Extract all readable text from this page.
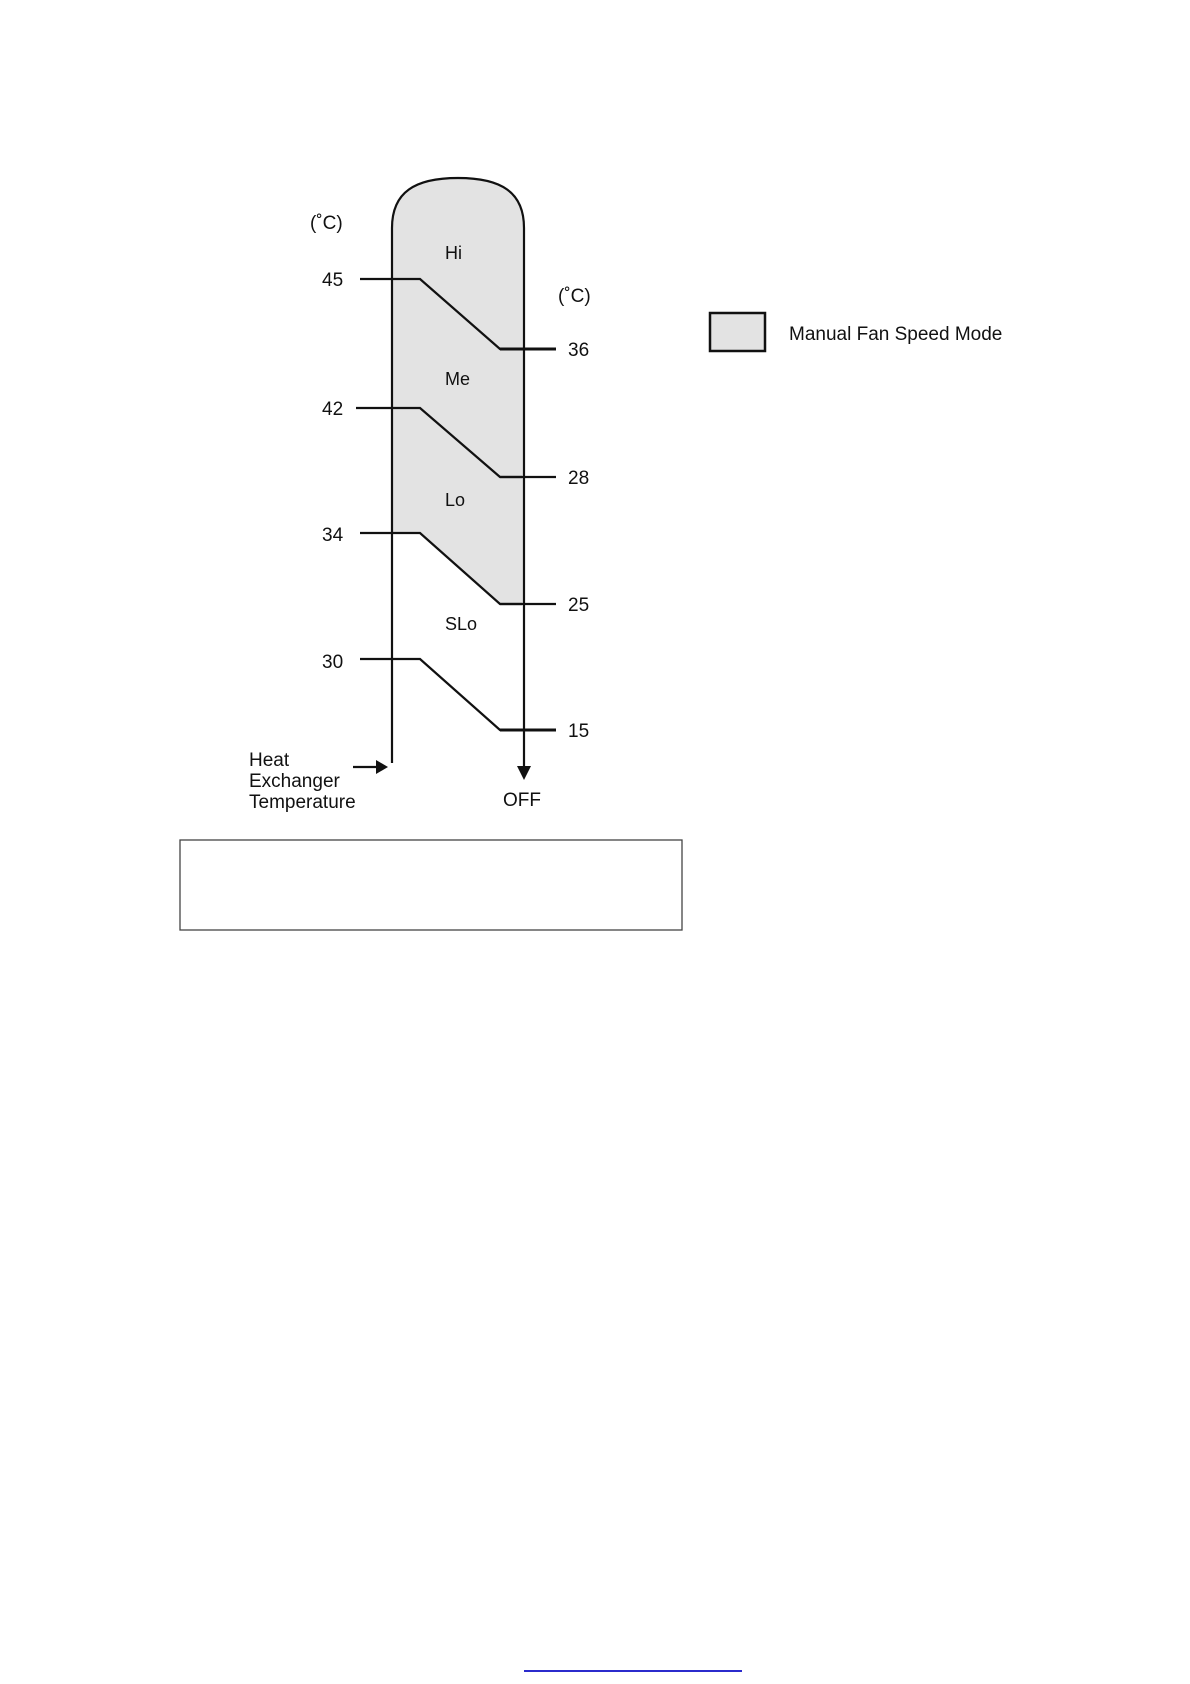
(˚C)
(˚C)
Hi
Me
Lo
SLo
45
42
34
30
36
28
25
15
Heat
Exchanger
Temperature	OFF
Manual Fan Speed Mode
